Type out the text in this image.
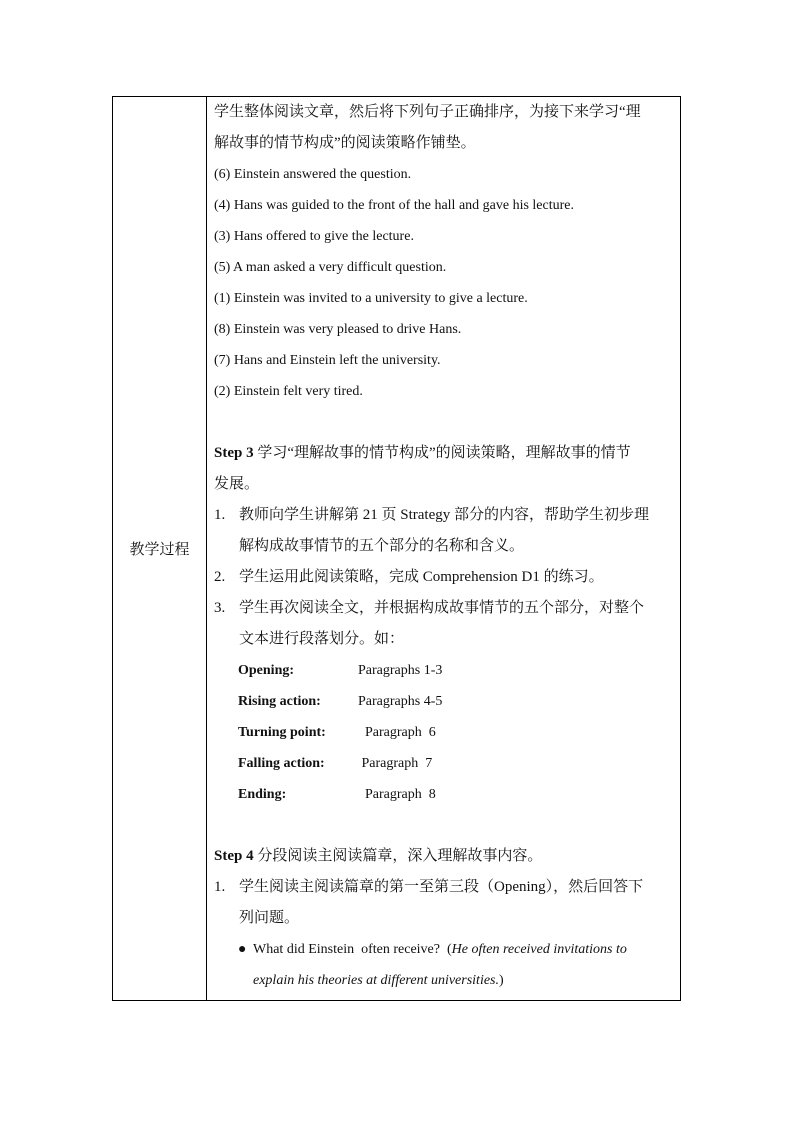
教学过程	
学生整体阅读文章，然后将下列句子正确排序，为接下来学习“理
解故事的情节构成”的阅读策略作铺垫。
(6) Einstein answered the question.
(4) Hans was guided to the front of the hall and gave his lecture.
(3) Hans offered to give the lecture.
(5) A man asked a very difficult question.
(1) Einstein was invited to a university to give a lecture.
(8) Einstein was very pleased to drive Hans.
(7) Hans and Einstein left the university.
(2) Einstein felt very tired.
Step 3 学习“理解故事的情节构成”的阅读策略，理解故事的情节
发展。
1. 教师向学生讲解第 21 页 Strategy 部分的内容，帮助学生初步理
解构成故事情节的五个部分的名称和含义。
2. 学生运用此阅读策略，完成 Comprehension D1 的练习。
3. 学生再次阅读全文，并根据构成故事情节的五个部分，对整个
文本进行段落划分。如：
Opening:	Paragraphs 1-3
Rising action:	Paragraphs 4-5
Turning point:	Paragraph  6
Falling action:	Paragraph  7
Ending:	Paragraph  8
Step 4 分段阅读主阅读篇章，深入理解故事内容。
1. 学生阅读主阅读篇章的第一至第三段（Opening），然后回答下
列问题。
● What did Einstein  often receive?  (He often received invitations to
explain his theories at different universities.)
